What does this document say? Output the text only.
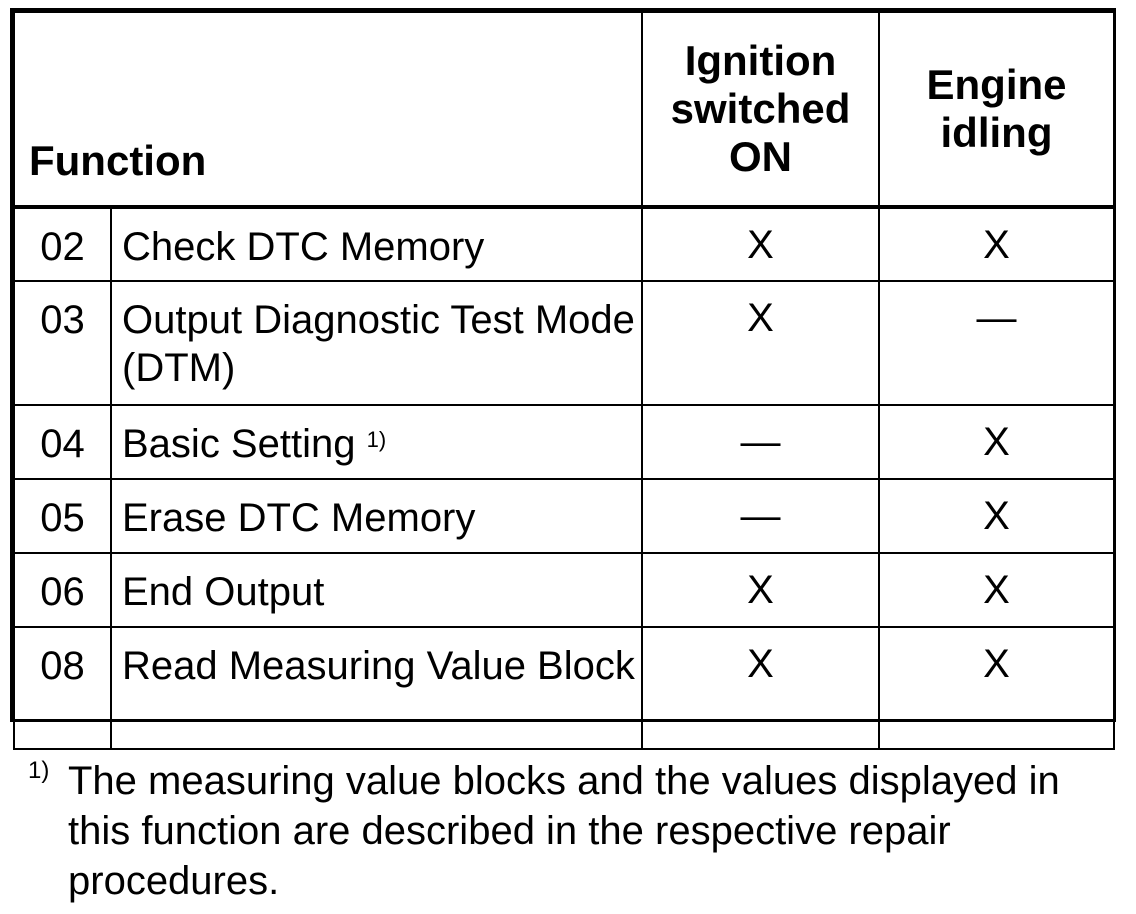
Function		Ignition switched ON	Engine idling
02	Check DTC Memory	X	X
03	Output Diagnostic Test Mode (DTM)	X	—
04	Basic Setting $^{1)}$	—	X
05	Erase DTC Memory	—	X
06	End Output	X	X
08	Read Measuring Value Block	X	X
1) The measuring value blocks and the values displayed in this function are described in the respective repair procedures.
